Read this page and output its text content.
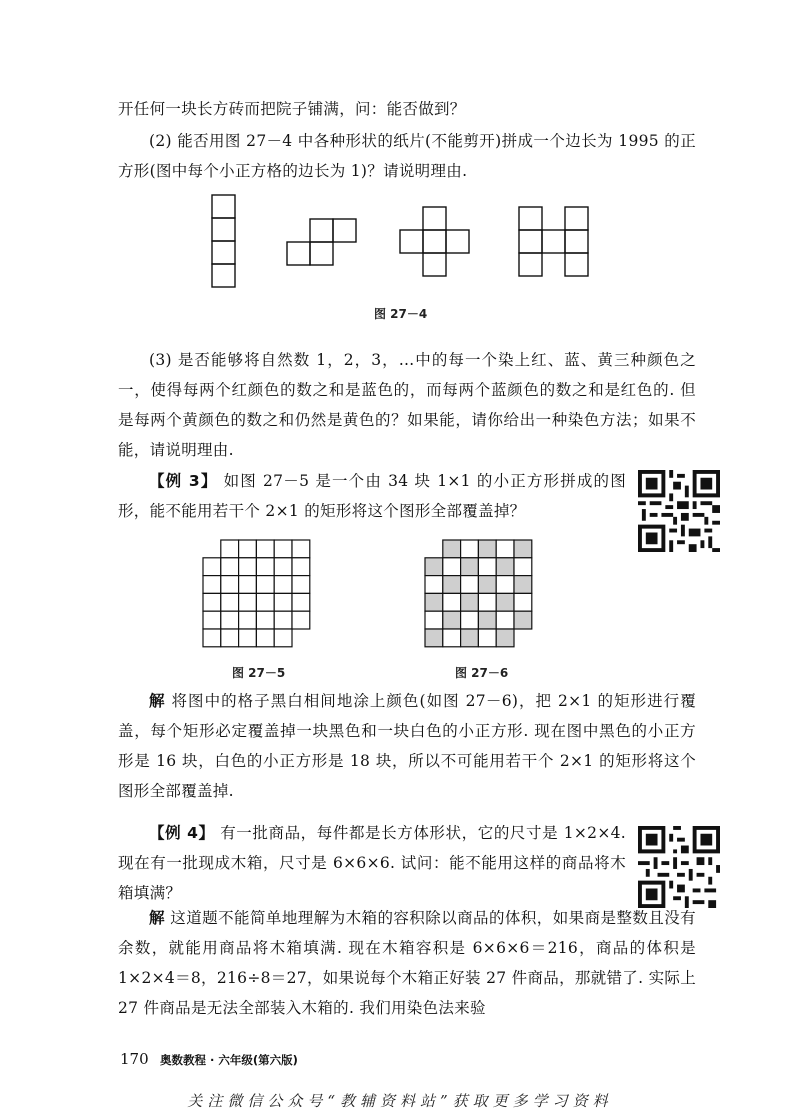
开任何一块长方砖而把院子铺满，问：能否做到？

(2) 能否用图 27－4 中各种形状的纸片(不能剪开)拼成一个边长为 1995 的正方形(图中每个小正方格的边长为 1)？请说明理由.

图 27－4

(3) 是否能够将自然数 1，2，3，…中的每一个染上红、蓝、黄三种颜色之一，使得每两个红颜色的数之和是蓝色的，而每两个蓝颜色的数之和是红色的. 但是每两个黄颜色的数之和仍然是黄色的？如果能，请你给出一种染色方法；如果不能，请说明理由.

【例 3】 如图 27－5 是一个由 34 块 1×1 的小正方形拼成的图形，能不能用若干个 2×1 的矩形将这个图形全部覆盖掉？

图 27－5	图 27－6

解 将图中的格子黑白相间地涂上颜色(如图 27－6)，把 2×1 的矩形进行覆盖，每个矩形必定覆盖掉一块黑色和一块白色的小正方形. 现在图中黑色的小正方形是 16 块，白色的小正方形是 18 块，所以不可能用若干个 2×1 的矩形将这个图形全部覆盖掉.

【例 4】 有一批商品，每件都是长方体形状，它的尺寸是 1×2×4. 现在有一批现成木箱，尺寸是 6×6×6. 试问：能不能用这样的商品将木箱填满？

解 这道题不能简单地理解为木箱的容积除以商品的体积，如果商是整数且没有余数，就能用商品将木箱填满. 现在木箱容积是 6×6×6＝216，商品的体积是 1×2×4＝8，216÷8＝27，如果说每个木箱正好装 27 件商品，那就错了. 实际上 27 件商品是无法全部装入木箱的. 我们用染色法来验

170 奥数教程 · 六年级(第六版)
关注微信公众号“教辅资料站”获取更多学习资料
